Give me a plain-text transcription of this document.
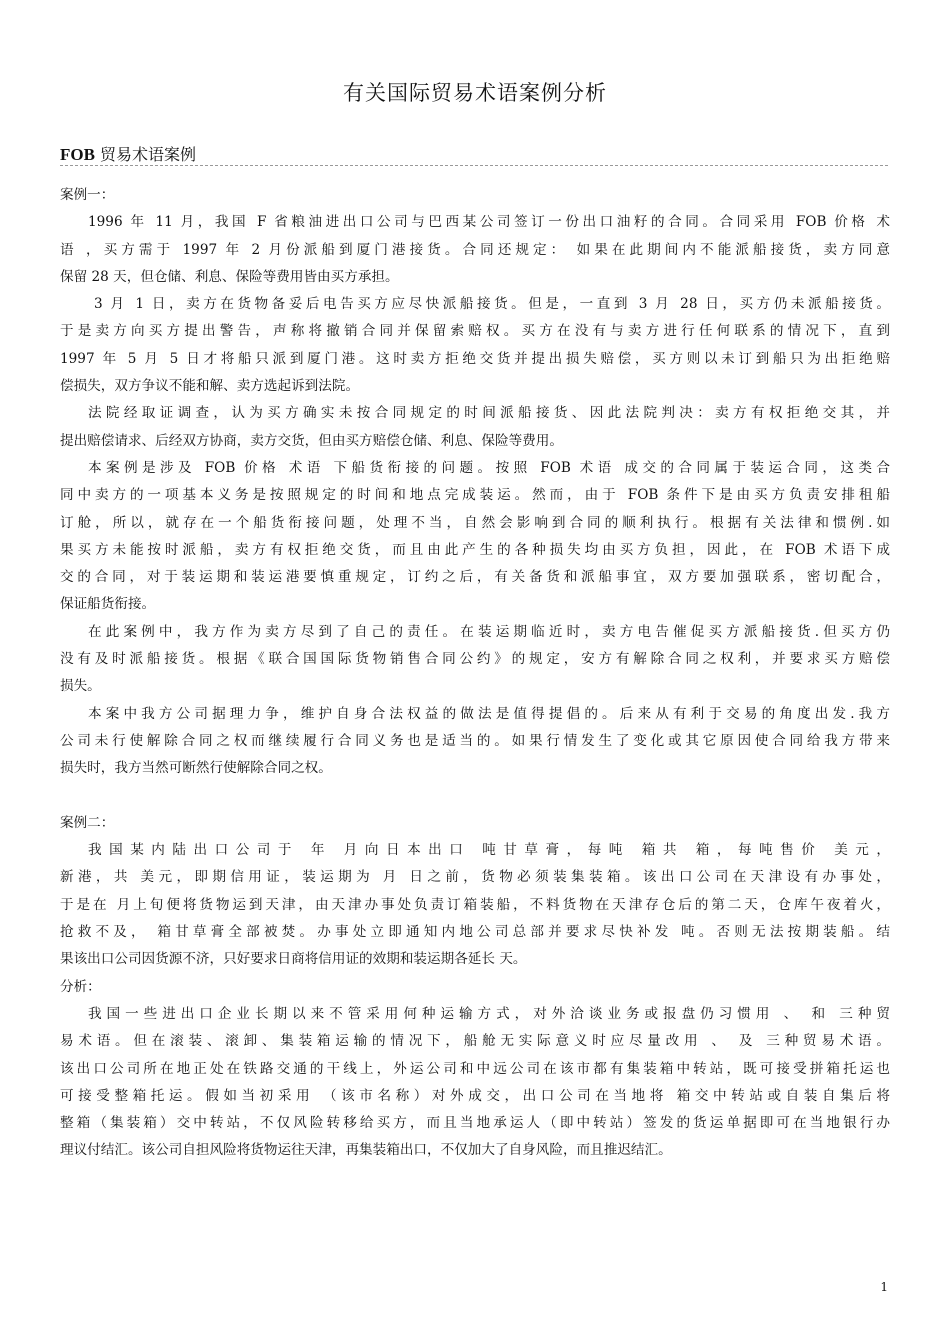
有关国际贸易术语案例分析
FOB 贸易术语案例
案例一：
1996 年 11 月，我国 F 省粮油进出口公司与巴西某公司签订一份出口油籽的合同。合同采用 FOB 价格 术
语 ，买方需于 1997 年 2 月份派船到厦门港接货。合同还规定： 如果在此期间内不能派船接货，卖方同意
保留 28 天，但仓储、利息、保险等费用皆由买方承担。
3 月 1 日，卖方在货物备妥后电告买方应尽快派船接货。但是，一直到 3 月 28 日，买方仍未派船接货。
于是卖方向买方提出警告，声称将撤销合同并保留索赔权。买方在没有与卖方进行任何联系的情况下，直到
1997 年 5 月 5 日才将船只派到厦门港。这时卖方拒绝交货并提出损失赔偿，买方则以未订到船只为出拒绝赔
偿损失，双方争议不能和解、卖方选起诉到法院。
法院经取证调查，认为买方确实未按合同规定的时间派船接货、因此法院判决：卖方有权拒绝交其，并
提出赔偿请求、后经双方协商，卖方交货，但由买方赔偿仓储、利息、保险等费用。
本案例是涉及 FOB 价格 术语 下船货衔接的问题。按照 FOB 术语 成交的合同属于装运合同，这类合
同中卖方的一项基本义务是按照规定的时间和地点完成装运。然而，由于 FOB 条件下是由买方负责安排租船
订舱，所以，就存在一个船货衔接问题，处理不当，自然会影响到合同的顺利执行。根据有关法律和惯例.如
果买方未能按时派船，卖方有权拒绝交货，而且由此产生的各种损失均由买方负担，因此，在 FOB 术语下成
交的合同，对于装运期和装运港要慎重规定，订约之后，有关备货和派船事宜，双方要加强联系，密切配合，
保证船货衔接。
在此案例中，我方作为卖方尽到了自己的责任。在装运期临近时，卖方电告催促买方派船接货.但买方仍
没有及时派船接货。根据《联合国国际货物销售合同公约》的规定，安方有解除合同之权利，并要求买方赔偿
损失。
本案中我方公司据理力争，维护自身合法权益的做法是值得提倡的。后来从有利于交易的角度出发.我方
公司未行使解除合同之权而继续履行合同义务也是适当的。如果行情发生了变化或其它原因使合同给我方带来
损失时，我方当然可断然行使解除合同之权。
案例二：
我国某内陆出口公司于 年 月向日本出口 吨甘草膏，每吨 箱共 箱，每吨售价 美元，
新港，共 美元，即期信用证，装运期为 月 日之前，货物必须装集装箱。该出口公司在天津设有办事处，
于是在 月上旬便将货物运到天津，由天津办事处负责订箱装船，不料货物在天津存仓后的第二天，仓库午夜着火，
抢救不及， 箱甘草膏全部被焚。办事处立即通知内地公司总部并要求尽快补发 吨。否则无法按期装船。结
果该出口公司因货源不济，只好要求日商将信用证的效期和装运期各延长 天。
分析：
我国一些进出口企业长期以来不管采用何种运输方式，对外洽谈业务或报盘仍习惯用 、 和 三种贸
易术语。但在滚装、滚卸、集装箱运输的情况下，船舱无实际意义时应尽量改用 、 及 三种贸易术语。
该出口公司所在地正处在铁路交通的干线上，外运公司和中远公司在该市都有集装箱中转站，既可接受拼箱托运也
可接受整箱托运。假如当初采用 （该市名称）对外成交，出口公司在当地将 箱交中转站或自装自集后将
整箱（集装箱）交中转站，不仅风险转移给买方，而且当地承运人（即中转站）签发的货运单据即可在当地银行办
理议付结汇。该公司自担风险将货物运往天津，再集装箱出口，不仅加大了自身风险，而且推迟结汇。
1
